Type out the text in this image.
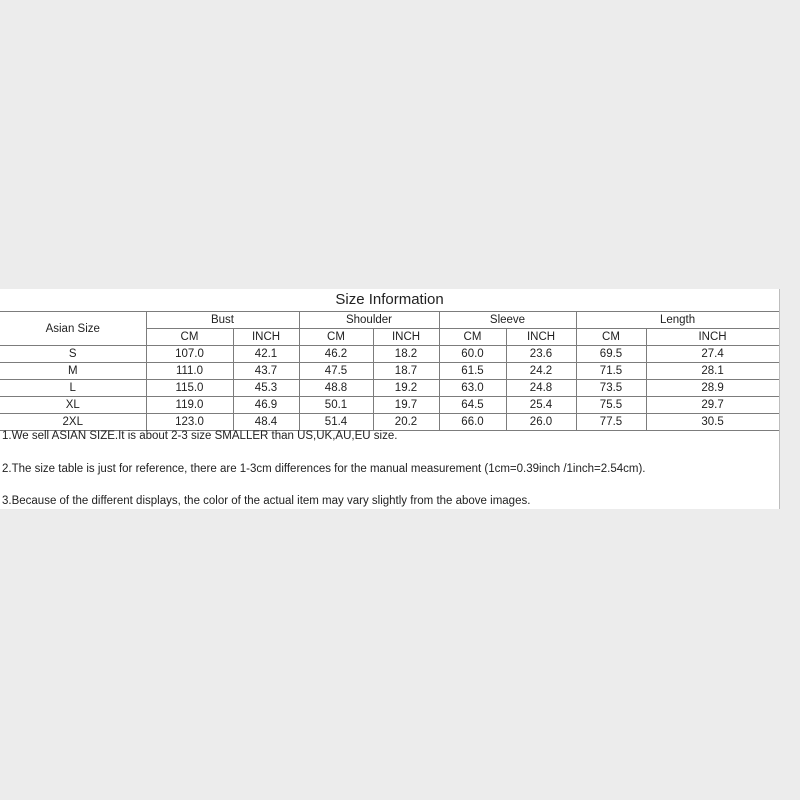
Size Information								
Asian Size	Bust		Shoulder		Sleeve		Length	
	CM	INCH	CM	INCH	CM	INCH	CM	INCH
S	107.0	42.1	46.2	18.2	60.0	23.6	69.5	27.4
M	111.0	43.7	47.5	18.7	61.5	24.2	71.5	28.1
L	115.0	45.3	48.8	19.2	63.0	24.8	73.5	28.9
XL	119.0	46.9	50.1	19.7	64.5	25.4	75.5	29.7
2XL	123.0	48.4	51.4	20.2	66.0	26.0	77.5	30.5
1.We sell ASIAN SIZE.It is about 2-3 size SMALLER than US,UK,AU,EU size.
2.The size table is just for reference, there are 1-3cm differences for the manual measurement (1cm=0.39inch /1inch=2.54cm).
3.Because of the different displays, the color of the actual item may vary slightly from the above images.
